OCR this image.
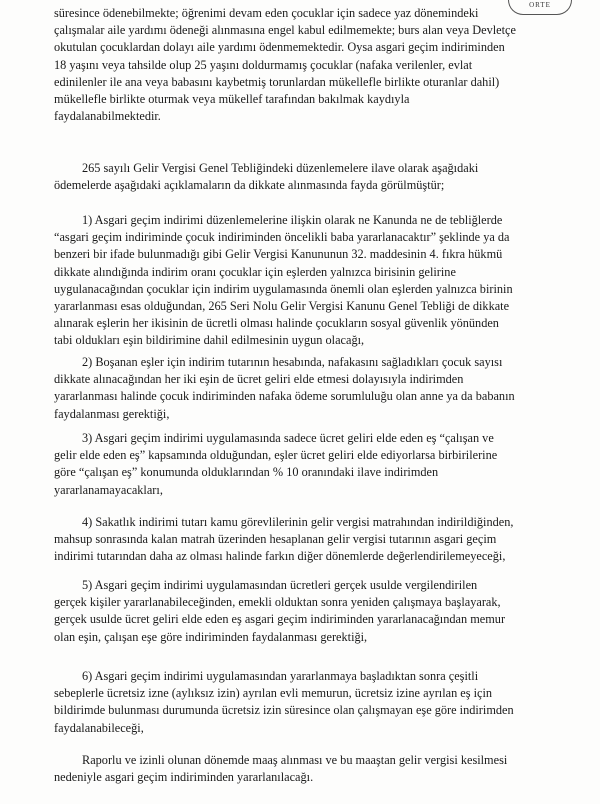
ORTE
süresince ödenebilmekte; öğrenimi devam eden çocuklar için sadece yaz dönemindeki
çalışmalar aile yardımı ödeneği alınmasına engel kabul edilmemekte; burs alan veya Devletçe
okutulan çocuklardan dolayı aile yardımı ödenmemektedir. Oysa asgari geçim indiriminden
18 yaşını veya tahsilde olup 25 yaşını doldurmamış çocuklar (nafaka verilenler, evlat
edinilenler ile ana veya babasını kaybetmiş torunlardan mükellefle birlikte oturanlar dahil)
mükellefle birlikte oturmak veya mükellef tarafından bakılmak kaydıyla
faydalanabilmektedir.
265 sayılı Gelir Vergisi Genel Tebliğindeki düzenlemelere ilave olarak aşağıdaki
ödemelerde aşağıdaki açıklamaların da dikkate alınmasında fayda görülmüştür;
1) Asgari geçim indirimi düzenlemelerine ilişkin olarak ne Kanunda ne de tebliğlerde
“asgari geçim indiriminde çocuk indiriminden öncelikli baba yararlanacaktır” şeklinde ya da
benzeri bir ifade bulunmadığı gibi Gelir Vergisi Kanununun 32. maddesinin 4. fıkra hükmü
dikkate alındığında indirim oranı çocuklar için eşlerden yalnızca birisinin gelirine
uygulanacağından çocuklar için indirim uygulamasında önemli olan eşlerden yalnızca birinin
yararlanması esas olduğundan, 265 Seri Nolu Gelir Vergisi Kanunu Genel Tebliği de dikkate
alınarak eşlerin her ikisinin de ücretli olması halinde çocukların sosyal güvenlik yönünden
tabi oldukları eşin bildirimine dahil edilmesinin uygun olacağı,
2) Boşanan eşler için indirim tutarının hesabında, nafakasını sağladıkları çocuk sayısı
dikkate alınacağından her iki eşin de ücret geliri elde etmesi dolayısıyla indirimden
yararlanması halinde çocuk indiriminden nafaka ödeme sorumluluğu olan anne ya da babanın
faydalanması gerektiği,
3) Asgari geçim indirimi uygulamasında sadece ücret geliri elde eden eş “çalışan ve
gelir elde eden eş” kapsamında olduğundan, eşler ücret geliri elde ediyorlarsa birbirilerine
göre “çalışan eş” konumunda olduklarından % 10 oranındaki ilave indirimden
yararlanamayacakları,
4) Sakatlık indirimi tutarı kamu görevlilerinin gelir vergisi matrahından indirildiğinden,
mahsup sonrasında kalan matrah üzerinden hesaplanan gelir vergisi tutarının asgari geçim
indirimi tutarından daha az olması halinde farkın diğer dönemlerde değerlendirilemeyeceği,
5) Asgari geçim indirimi uygulamasından ücretleri gerçek usulde vergilendirilen
gerçek kişiler yararlanabileceğinden, emekli olduktan sonra yeniden çalışmaya başlayarak,
gerçek usulde ücret geliri elde eden eş asgari geçim indiriminden yararlanacağından memur
olan eşin, çalışan eşe göre indiriminden faydalanması gerektiği,
6) Asgari geçim indirimi uygulamasından yararlanmaya başladıktan sonra çeşitli
sebeplerle ücretsiz izne (aylıksız izin) ayrılan evli memurun, ücretsiz izine ayrılan eş için
bildirimde bulunması durumunda ücretsiz izin süresince olan çalışmayan eşe göre indirimden
faydalanabileceği,
Raporlu ve izinli olunan dönemde maaş alınması ve bu maaştan gelir vergisi kesilmesi
nedeniyle asgari geçim indiriminden yararlanılacağı.
